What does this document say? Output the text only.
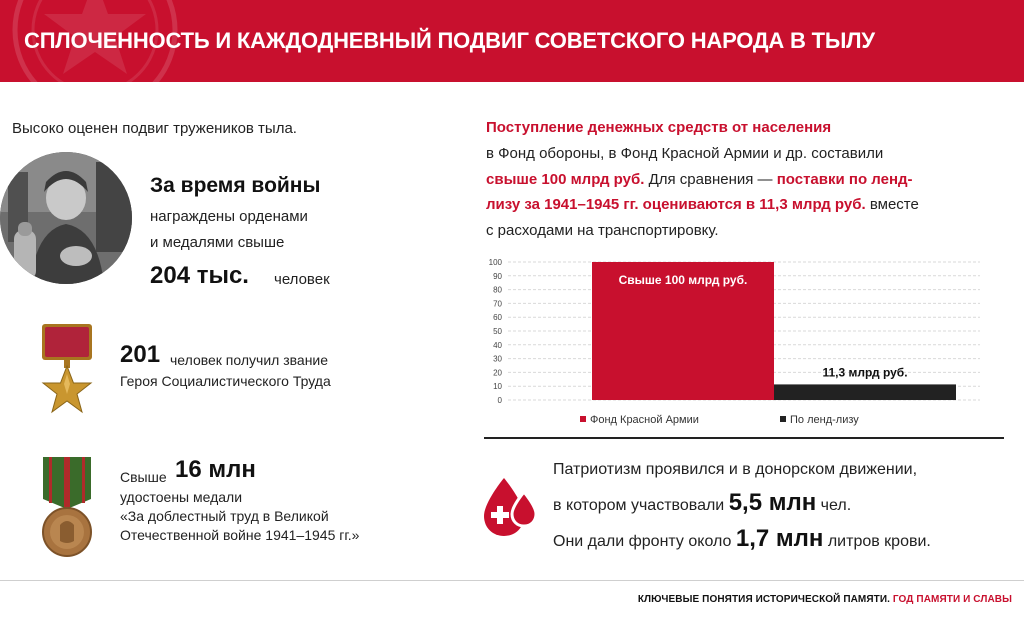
СПЛОЧЕННОСТЬ И КАЖДОДНЕВНЫЙ ПОДВИГ СОВЕТСКОГО НАРОДА В ТЫЛУ
Высоко оценен подвиг тружеников тыла.
За время войны
награждены орденами
и медалями свыше
204 тыс. человек
201 человек получил звание
Героя Социалистического Труда
Свыше 16 млн
удостоены медали
«За доблестный труд в Великой
Отечественной войне 1941–1945 гг.»
Поступление денежных средств от населения
в Фонд обороны, в Фонд Красной Армии и др. составили
свыше 100 млрд руб. Для сравнения — поставки по ленд-
лизу за 1941–1945 гг. оцениваются в 11,3 млрд руб. вместе
с расходами на транспортировку.
0
10
20
30
40
50
60
70
80
90
100
Свыше 100 млрд руб.
11,3 млрд руб.
Фонд Красной Армии	По ленд-лизу
Патриотизм проявился и в донорском движении,
в котором участвовали 5,5 млн чел.
Они дали фронту около 1,7 млн литров крови.
КЛЮЧЕВЫЕ ПОНЯТИЯ ИСТОРИЧЕСКОЙ ПАМЯТИ. ГОД ПАМЯТИ И СЛАВЫ
